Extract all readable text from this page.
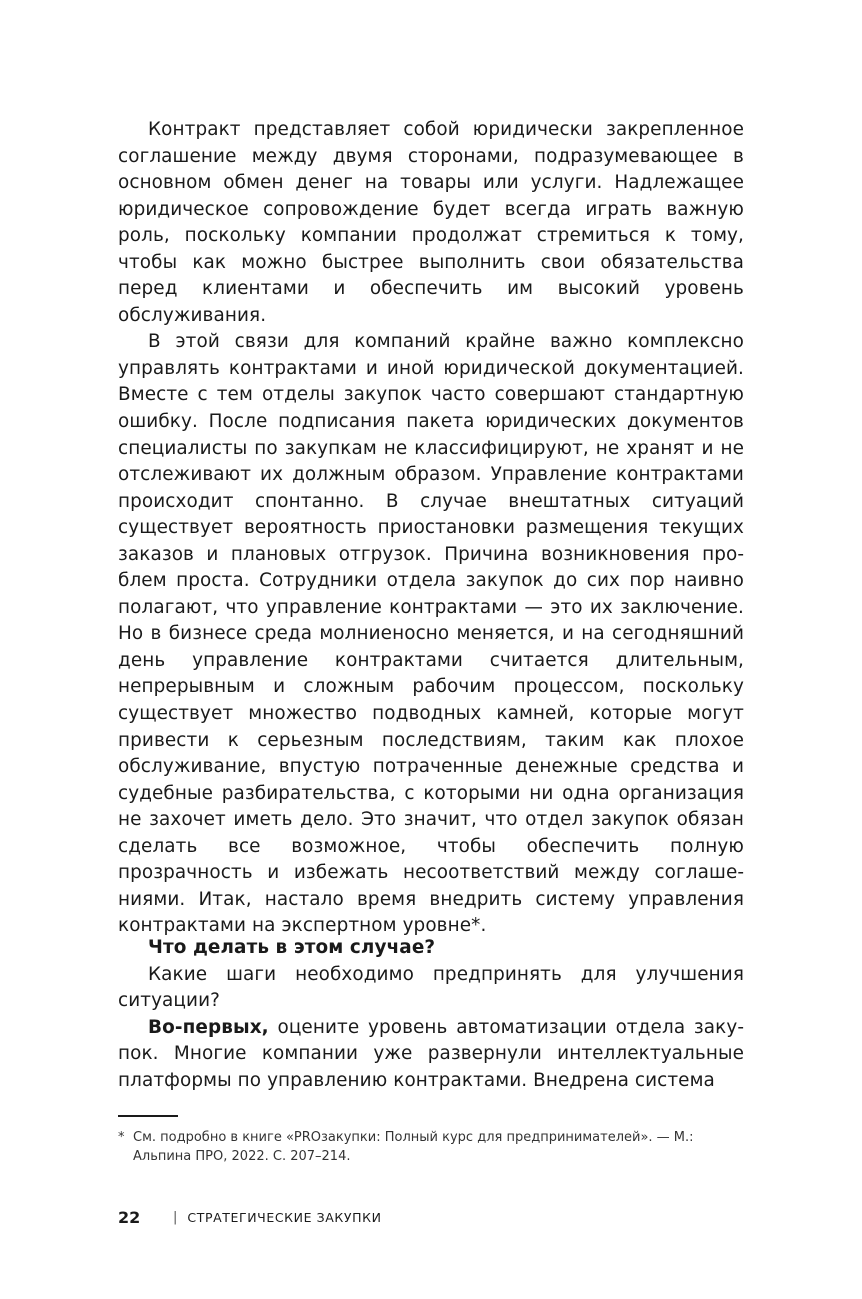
Контракт представляет собой юридически закрепленное соглашение между двумя сторонами, подразумевающее в основном обмен денег на товары или услуги. Надлежащее юридическое сопровождение будет всегда играть важную роль, поскольку компании продолжат стремиться к тому, чтобы как можно быстрее выполнить свои обязательства перед клиентами и обеспечить им высокий уровень обслуживания.

В этой связи для компаний крайне важно комплексно управлять контрактами и иной юридической документацией. Вместе с тем отделы закупок часто совершают стандартную ошибку. После подписания пакета юридических документов специалисты по закупкам не классифицируют, не хранят и не отслеживают их должным образом. Управление контрактами происходит спонтанно. В случае внештатных ситуаций существует вероятность приостановки размещения текущих заказов и плановых отгрузок. Причина возникновения проблем проста. Сотрудники отдела закупок до сих пор наивно полагают, что управление контрактами — это их заключение. Но в бизнесе среда молниеносно меняется, и на сегодняшний день управление контрактами считается длительным, непрерывным и сложным рабочим процессом, поскольку существует множество подводных камней, которые могут привести к серьезным последствиям, таким как плохое обслуживание, впустую потраченные денежные средства и судебные разбирательства, с которыми ни одна организация не захочет иметь дело. Это значит, что отдел закупок обязан сделать все возможное, чтобы обеспечить полную прозрачность и избежать несоответствий между соглашениями. Итак, настало время внедрить систему управления контрактами на экспертном уровне*.

Что делать в этом случае?

Какие шаги необходимо предпринять для улучшения ситуации?

Во-первых, оцените уровень автоматизации отдела закупок. Многие компании уже развернули интеллектуальные платформы по управлению контрактами. Внедрена система

* См. подробно в книге «PROзакупки: Полный курс для предпринимателей». — М.: Альпина ПРО, 2022. С. 207–214.
22	| СТРАТЕГИЧЕСКИЕ ЗАКУПКИ
